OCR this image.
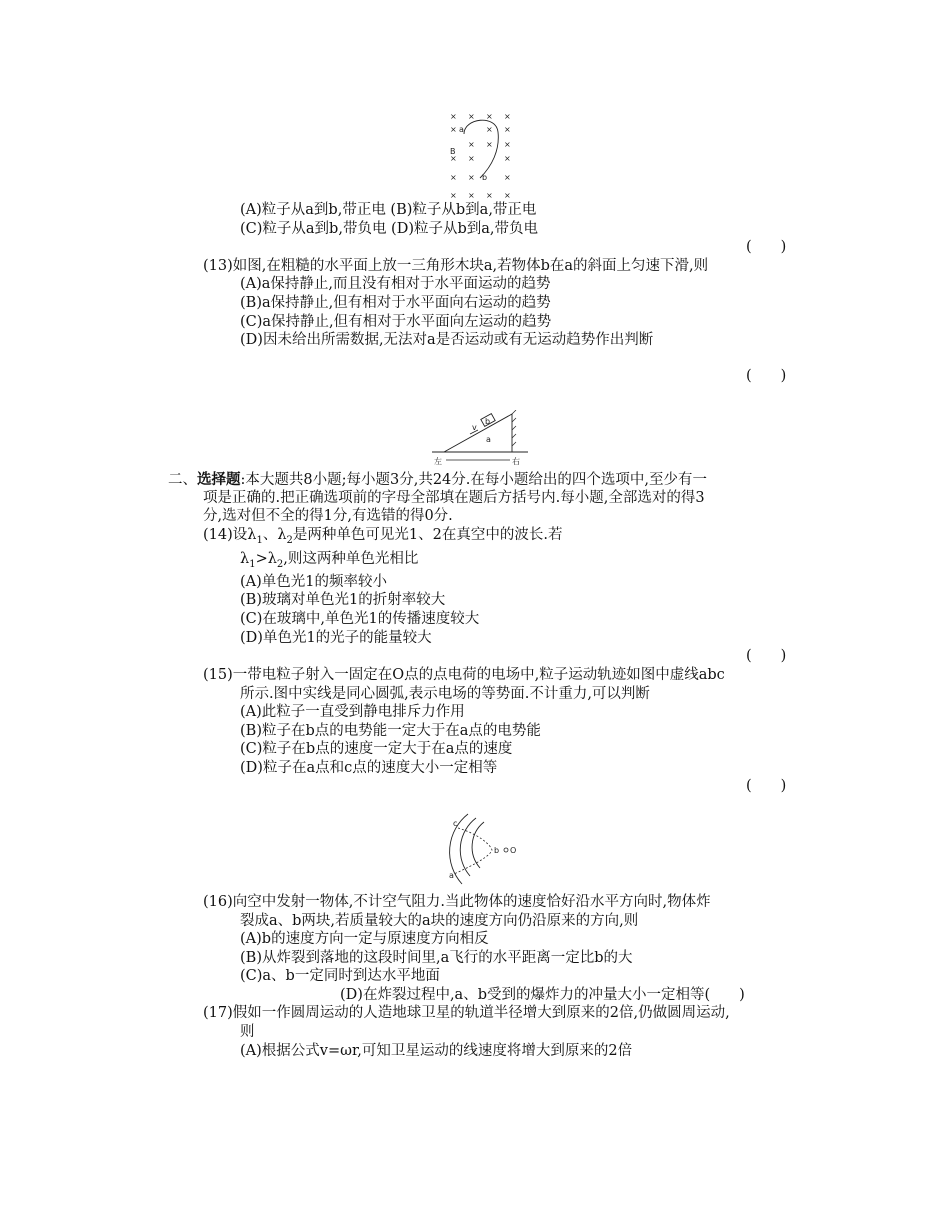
× × × ×
×	× ×
× × ×
× ×	×
× ×	×
× × × ×
a
B
b
(A)粒子从a到b,带正电 (B)粒子从b到a,带正电
(C)粒子从a到b,带负电 (D)粒子从b到a,带负电
(　　)
(13)如图,在粗糙的水平面上放一三角形木块a,若物体b在a的斜面上匀速下滑,则
(A)a保持静止,而且没有相对于水平面运动的趋势
(B)a保持静止,但有相对于水平面向右运动的趋势
(C)a保持静止,但有相对于水平面向左运动的趋势
(D)因未给出所需数据,无法对a是否运动或有无运动趋势作出判断
(　　)
a
b
v
左	右
二、选择题:本大题共8小题;每小题3分,共24分.在每小题给出的四个选项中,至少有一
项是正确的.把正确选项前的字母全部填在题后方括号内.每小题,全部选对的得3
分,选对但不全的得1分,有选错的得0分.
(14)设$\lambda_1$、$\lambda_2$是两种单色可见光1、2在真空中的波长.若
$\lambda_1>\lambda_2$,则这两种单色光相比
(A)单色光1的频率较小
(B)玻璃对单色光1的折射率较大
(C)在玻璃中,单色光1的传播速度较大
(D)单色光1的光子的能量较大
(　　)
(15)一带电粒子射入一固定在O点的点电荷的电场中,粒子运动轨迹如图中虚线abc
所示.图中实线是同心圆弧,表示电场的等势面.不计重力,可以判断
(A)此粒子一直受到静电排斥力作用
(B)粒子在b点的电势能一定大于在a点的电势能
(C)粒子在b点的速度一定大于在a点的速度
(D)粒子在a点和c点的速度大小一定相等
(　　)
c
b O
a
(16)向空中发射一物体,不计空气阻力.当此物体的速度恰好沿水平方向时,物体炸
裂成a、b两块,若质量较大的a块的速度方向仍沿原来的方向,则
(A)b的速度方向一定与原速度方向相反
(B)从炸裂到落地的这段时间里,a飞行的水平距离一定比b的大
(C)a、b一定同时到达水平地面
(D)在炸裂过程中,a、b受到的爆炸力的冲量大小一定相等(　　)
(17)假如一作圆周运动的人造地球卫星的轨道半径增大到原来的2倍,仍做圆周运动,
则
(A)根据公式v=ωr,可知卫星运动的线速度将增大到原来的2倍
